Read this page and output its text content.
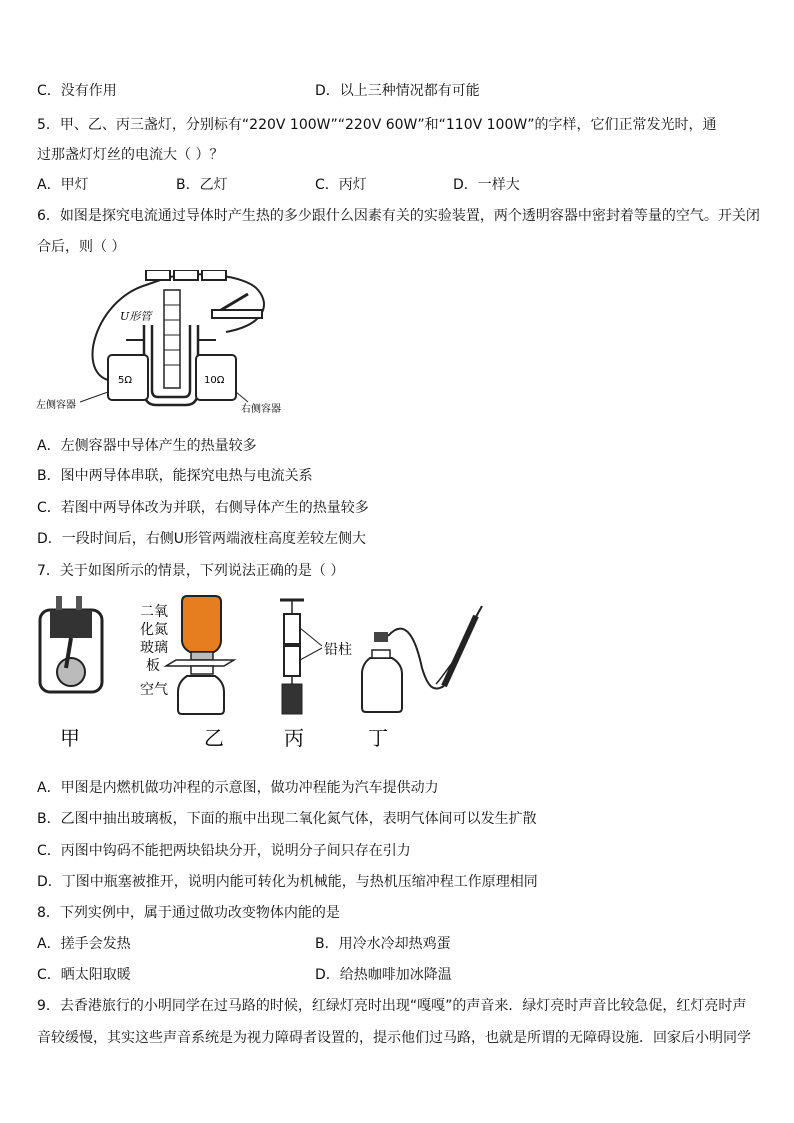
C．没有作用	D．以上三种情况都有可能
5．甲、乙、丙三盏灯，分别标有“220V 100W”“220V 60W”和“110V 100W”的字样，它们正常发光时，通
过那盏灯灯丝的电流大（ ）？
A．甲灯	B．乙灯	C．丙灯	D．一样大
6．如图是探究电流通过导体时产生热的多少跟什么因素有关的实验装置，两个透明容器中密封着等量的空气。开关闭
合后，则（ ）
U形管
5Ω	10Ω
左侧容器	右侧容器
A．左侧容器中导体产生的热量较多
B．图中两导体串联，能探究电热与电流关系
C．若图中两导体改为并联，右侧导体产生的热量较多
D．一段时间后，右侧U形管两端液柱高度差较左侧大
7．关于如图所示的情景，下列说法正确的是（ ）
甲
二氧
化氮
玻璃
板
空气
乙
铅柱
丙	丁
A．甲图是内燃机做功冲程的示意图，做功冲程能为汽车提供动力
B．乙图中抽出玻璃板，下面的瓶中出现二氧化氮气体，表明气体间可以发生扩散
C．丙图中钩码不能把两块铅块分开，说明分子间只存在引力
D．丁图中瓶塞被推开，说明内能可转化为机械能，与热机压缩冲程工作原理相同
8．下列实例中，属于通过做功改变物体内能的是
A．搓手会发热	B．用冷水冷却热鸡蛋
C．晒太阳取暖	D．给热咖啡加冰降温
9．去香港旅行的小明同学在过马路的时候，红绿灯亮时出现“嘎嘎”的声音来．绿灯亮时声音比较急促，红灯亮时声
音较缓慢，其实这些声音系统是为视力障碍者设置的，提示他们过马路，也就是所谓的无障碍设施．回家后小明同学
